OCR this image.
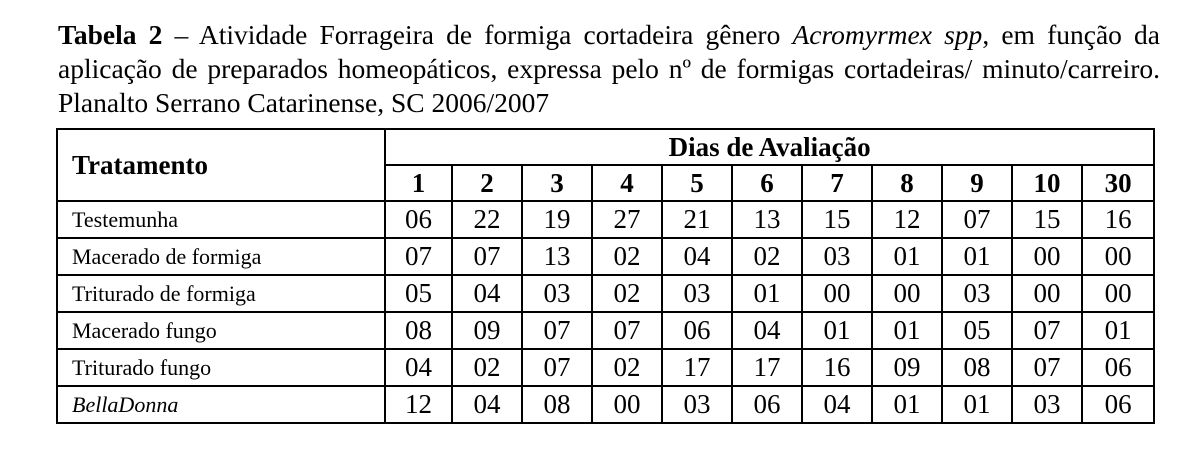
Tabela 2 – Atividade Forrageira de formiga cortadeira gênero Acromyrmex spp, em função da aplicação de preparados homeopáticos, expressa pelo nº de formigas cortadeiras/ minuto/carreiro. Planalto Serrano Catarinense, SC 2006/2007
Tratamento	Dias de Avaliação										
	1	2	3	4	5	6	7	8	9	10	30
Testemunha	06	22	19	27	21	13	15	12	07	15	16
Macerado de formiga	07	07	13	02	04	02	03	01	01	00	00
Triturado de formiga	05	04	03	02	03	01	00	00	03	00	00
Macerado fungo	08	09	07	07	06	04	01	01	05	07	01
Triturado fungo	04	02	07	02	17	17	16	09	08	07	06
BellaDonna	12	04	08	00	03	06	04	01	01	03	06
